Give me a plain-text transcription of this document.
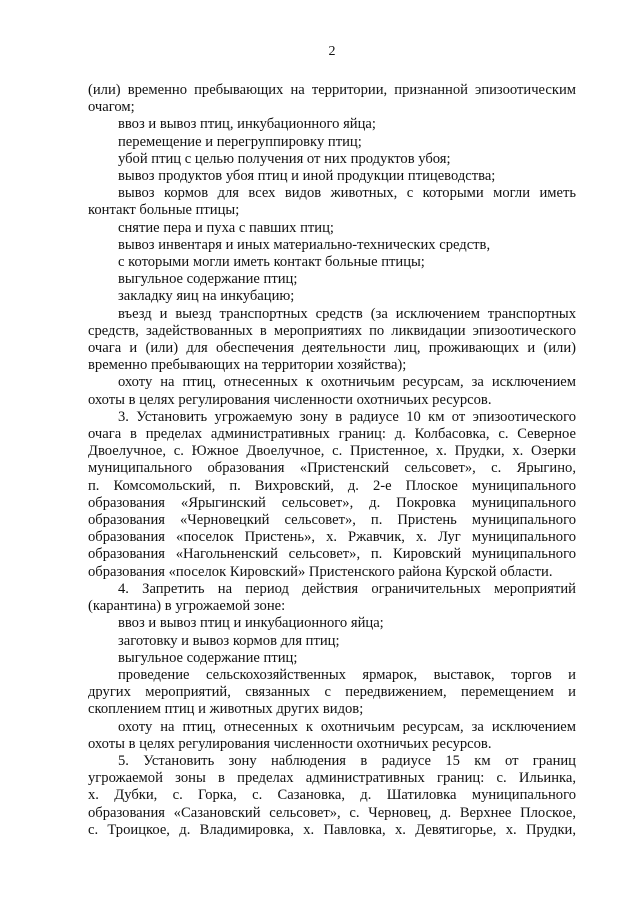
2

(или) временно пребывающих на территории, признанной эпизоотическим

очагом;

ввоз и вывоз птиц, инкубационного яйца;

перемещение и перегруппировку птиц;

убой птиц с целью получения от них продуктов убоя;

вывоз продуктов убоя птиц и иной продукции птицеводства;

вывоз кормов для всех видов животных, с которыми могли иметь

контакт больные птицы;

снятие пера и пуха с павших птиц;

вывоз инвентаря и иных материально-технических средств,

с которыми могли иметь контакт больные птицы;

выгульное содержание птиц;

закладку яиц на инкубацию;

въезд и выезд транспортных средств (за исключением транспортных

средств, задействованных в мероприятиях по ликвидации эпизоотического

очага и (или) для обеспечения деятельности лиц, проживающих и (или)

временно пребывающих на территории хозяйства);

охоту на птиц, отнесенных к охотничьим ресурсам, за исключением

охоты в целях регулирования численности охотничьих ресурсов.

3. Установить угрожаемую зону в радиусе 10 км от эпизоотического

очага в пределах административных границ: д. Колбасовка, с. Северное

Двоелучное, с. Южное Двоелучное, с. Пристенное, х. Прудки, х. Озерки

муниципального образования «Пристенский сельсовет», с. Ярыгино,

п. Комсомольский, п. Вихровский, д. 2-е Плоское муниципального

образования «Ярыгинский сельсовет», д. Покровка муниципального

образования «Черновецкий сельсовет», п. Пристень муниципального

образования «поселок Пристень», х. Ржавчик, х. Луг муниципального

образования «Нагольненский сельсовет», п. Кировский муниципального

образования «поселок Кировский» Пристенского района Курской области.

4. Запретить на период действия ограничительных мероприятий

(карантина) в угрожаемой зоне:

ввоз и вывоз птиц и инкубационного яйца;

заготовку и вывоз кормов для птиц;

выгульное содержание птиц;

проведение сельскохозяйственных ярмарок, выставок, торгов и

других мероприятий, связанных с передвижением, перемещением и

скоплением птиц и животных других видов;

охоту на птиц, отнесенных к охотничьим ресурсам, за исключением

охоты в целях регулирования численности охотничьих ресурсов.

5. Установить зону наблюдения в радиусе 15 км от границ

угрожаемой зоны в пределах административных границ: с. Ильинка,

х. Дубки, с. Горка, с. Сазановка, д. Шатиловка муниципального

образования «Сазановский сельсовет», с. Черновец, д. Верхнее Плоское,

с. Троицкое, д. Владимировка, х. Павловка, х. Девятигорье, х. Прудки,
